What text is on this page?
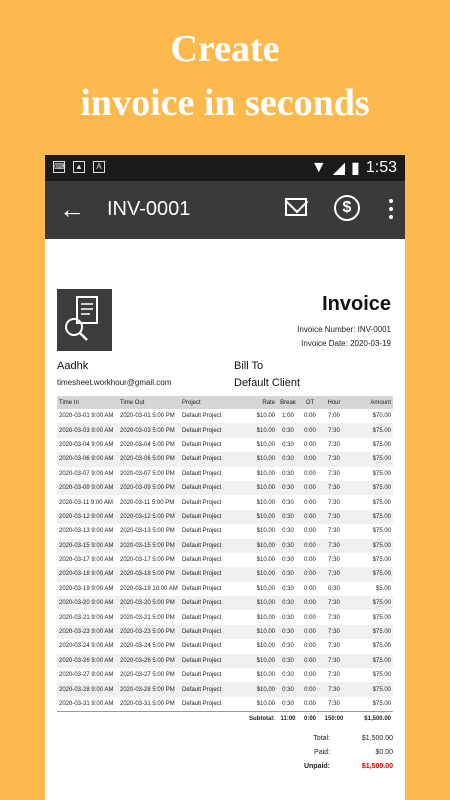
Create
invoice in seconds
⌨ ▲	A	▼ ◢ ▮ 1:53
← INV-0001	$
Invoice
Invoice Number: INV-0001
Invoice Date: 2020-03-19
Aadhk
timesheet.workhour@gmail.com
Bill To
Default Client
Time In	Time Out	Project	Rate	Break	OT	Hour	Amount
2020-03-01 9:00 AM	2020-03-01 5:00 PM	Default Project	$10.00	1:00	0:00	7:00	$70.00
2020-03-03 9:00 AM	2020-03-03 5:00 PM	Default Project	$10.00	0:30	0:00	7:30	$75.00
2020-03-04 9:00 AM	2020-03-04 5:00 PM	Default Project	$10.00	0:30	0:00	7:30	$75.00
2020-03-06 9:00 AM	2020-03-06 5:00 PM	Default Project	$10.00	0:30	0:00	7:30	$75.00
2020-03-07 9:00 AM	2020-03-07 5:00 PM	Default Project	$10.00	0:30	0:00	7:30	$75.00
2020-03-09 9:00 AM	2020-03-09 5:00 PM	Default Project	$10.00	0:30	0:00	7:30	$75.00
2020-03-11 9:00 AM	2020-03-11 5:00 PM	Default Project	$10.00	0:30	0:00	7:30	$75.00
2020-03-12 9:00 AM	2020-03-12 5:00 PM	Default Project	$10.00	0:30	0:00	7:30	$75.00
2020-03-13 9:00 AM	2020-03-13 5:00 PM	Default Project	$10.00	0:30	0:00	7:30	$75.00
2020-03-15 9:00 AM	2020-03-15 5:00 PM	Default Project	$10.00	0:30	0:00	7:30	$75.00
2020-03-17 9:00 AM	2020-03-17 5:00 PM	Default Project	$10.00	0:30	0:00	7:30	$75.00
2020-03-18 9:00 AM	2020-03-18 5:00 PM	Default Project	$10.00	0:30	0:00	7:30	$75.00
2020-03-19 9:00 AM	2020-03-19 10:00 AM	Default Project	$10.00	0:30	0:00	0:30	$5.00
2020-03-20 9:00 AM	2020-03-20 5:00 PM	Default Project	$10.00	0:30	0:00	7:30	$75.00
2020-03-21 9:00 AM	2020-03-21 5:00 PM	Default Project	$10.00	0:30	0:00	7:30	$75.00
2020-03-23 9:00 AM	2020-03-23 5:00 PM	Default Project	$10.00	0:30	0:00	7:30	$75.00
2020-03-24 9:00 AM	2020-03-24 5:00 PM	Default Project	$10.00	0:30	0:00	7:30	$75.00
2020-03-26 9:00 AM	2020-03-26 5:00 PM	Default Project	$10.00	0:30	0:00	7:30	$75.00
2020-03-27 9:00 AM	2020-03-27 5:00 PM	Default Project	$10.00	0:30	0:00	7:30	$75.00
2020-03-28 9:00 AM	2020-03-28 5:00 PM	Default Project	$10.00	0:30	0:00	7:30	$75.00
2020-03-31 9:00 AM	2020-03-31 5:00 PM	Default Project	$10.00	0:30	0:00	7:30	$75.00
			Subtotal:	11:00	0:00	150:00	$1,500.00
Total:	$1,500.00
Paid:	$0.00
Unpaid:	$1,500.00
